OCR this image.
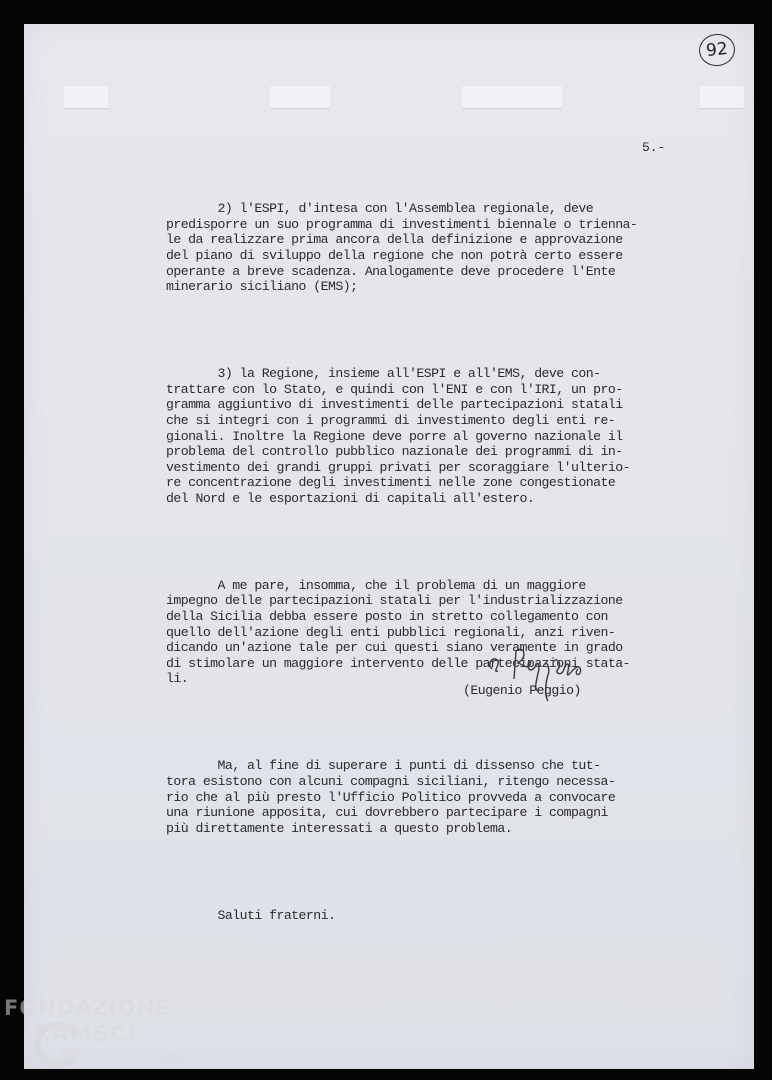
92
5.-

2) l'ESPI, d'intesa con l'Assemblea regionale, deve
predisporre un suo programma di investimenti biennale o trienna-
le da realizzare prima ancora della definizione e approvazione
del piano di sviluppo della regione che non potrà certo essere
operante a breve scadenza. Analogamente deve procedere l'Ente
minerario siciliano (EMS);

3) la Regione, insieme all'ESPI e all'EMS, deve con-
trattare con lo Stato, e quindi con l'ENI e con l'IRI, un pro-
gramma aggiuntivo di investimenti delle partecipazioni statali
che si integri con i programmi di investimento degli enti re-
gionali. Inoltre la Regione deve porre al governo nazionale il
problema del controllo pubblico nazionale dei programmi di in-
vestimento dei grandi gruppi privati per scoraggiare l'ulterio-
re concentrazione degli investimenti nelle zone congestionate
del Nord e le esportazioni di capitali all'estero.

A me pare, insomma, che il problema di un maggiore
impegno delle partecipazioni statali per l'industrializzazione
della Sicilia debba essere posto in stretto collegamento con
quello dell'azione degli enti pubblici regionali, anzi riven-
dicando un'azione tale per cui questi siano veramente in grado
di stimolare un maggiore intervento delle partecipazioni stata-
li.

Ma, al fine di superare i punti di dissenso che tut-
tora esistono con alcuni compagni siciliani, ritengo necessa-
rio che al più presto l'Ufficio Politico provveda a convocare
una riunione apposita, cui dovrebbero partecipare i compagni
più direttamente interessati a questo problema.

Saluti fraterni.

(Eugenio Peggio)
FONDAZIONE
RAMSCI
onlus
